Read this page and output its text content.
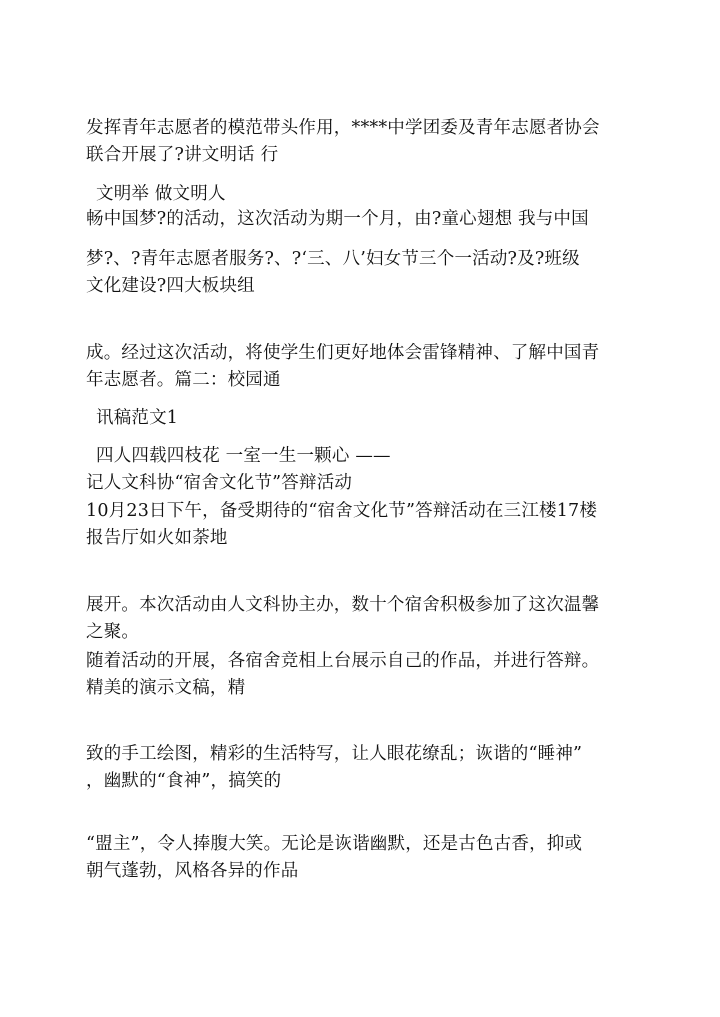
发挥青年志愿者的模范带头作用，****中学团委及青年志愿者协会
联合开展了?讲文明话 行
文明举 做文明人
畅中国梦?的活动，这次活动为期一个月，由?童心翅想 我与中国
梦?、?青年志愿者服务?、?‘三、八’妇女节三个一活动?及?班级
文化建设?四大板块组
成。经过这次活动，将使学生们更好地体会雷锋精神、了解中国青
年志愿者。篇二：校园通
讯稿范文1
四人四载四枝花 一室一生一颗心 ——
记人文科协“宿舍文化节”答辩活动
10月23日下午，备受期待的“宿舍文化节”答辩活动在三江楼17楼
报告厅如火如荼地
展开。本次活动由人文科协主办，数十个宿舍积极参加了这次温馨
之聚。
随着活动的开展，各宿舍竞相上台展示自己的作品，并进行答辩。
精美的演示文稿，精
致的手工绘图，精彩的生活特写，让人眼花缭乱；诙谐的“睡神”
，幽默的“食神”，搞笑的
“盟主”，令人捧腹大笑。无论是诙谐幽默，还是古色古香，抑或
朝气蓬勃，风格各异的作品
